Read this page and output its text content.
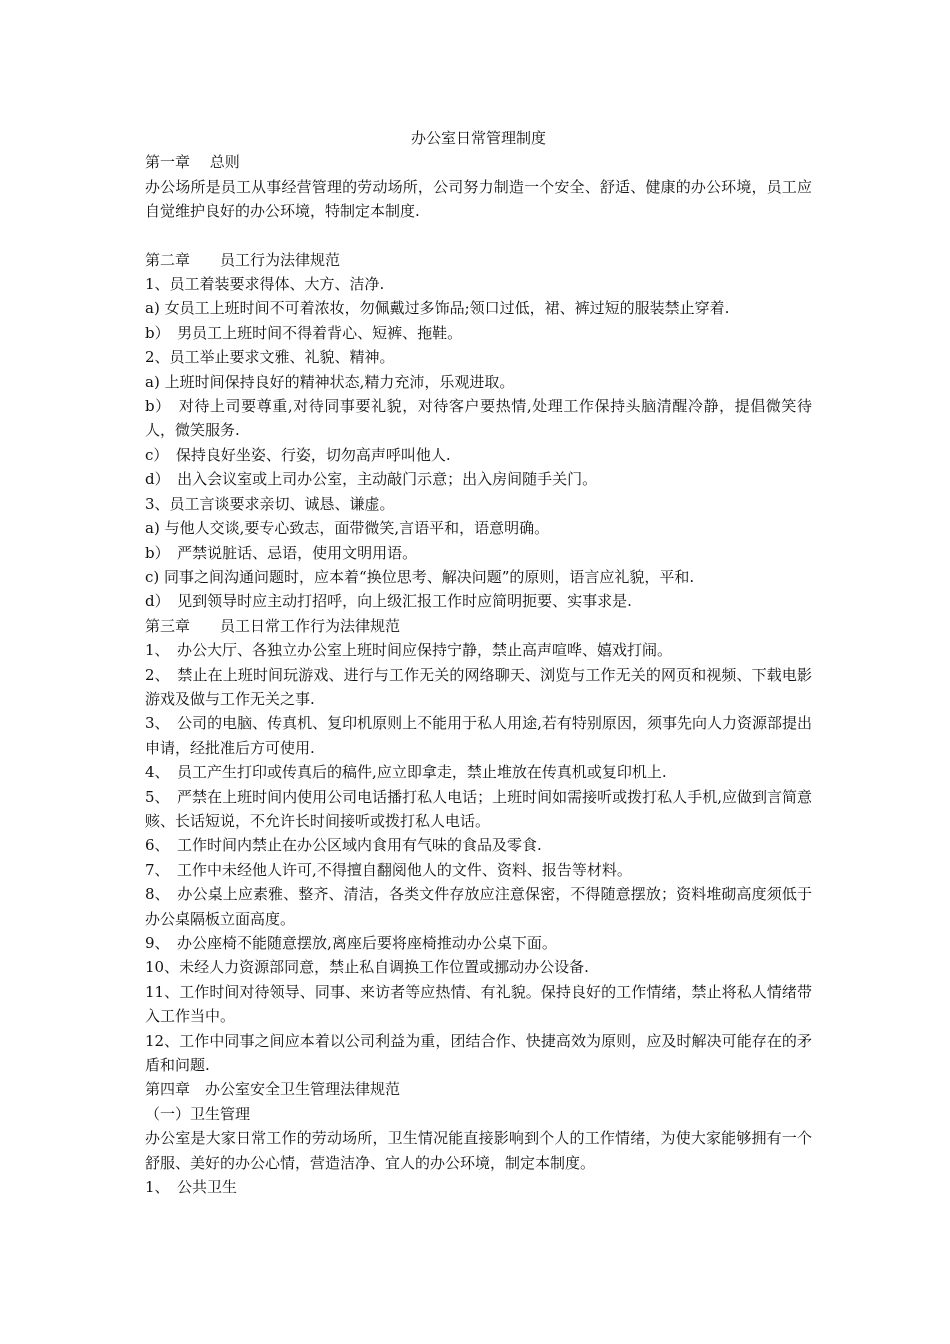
办公室日常管理制度

第一章　 总则

办公场所是员工从事经营管理的劳动场所，公司努力制造一个安全、舒适、健康的办公环境，员工应自觉维护良好的办公环境，特制定本制度.

第二章　　员工行为法律规范

1、员工着装要求得体、大方、洁净.

a) 女员工上班时间不可着浓妆，勿佩戴过多饰品;领口过低，裙、裤过短的服装禁止穿着.

b）　男员工上班时间不得着背心、短裤、拖鞋。

2、员工举止要求文雅、礼貌、精神。

a) 上班时间保持良好的精神状态,精力充沛，乐观进取。

b）　对待上司要尊重,对待同事要礼貌，对待客户要热情,处理工作保持头脑清醒冷静，提倡微笑待人，微笑服务.

c）　保持良好坐姿、行姿，切勿高声呼叫他人.

d）　出入会议室或上司办公室，主动敲门示意；出入房间随手关门。

3、员工言谈要求亲切、诚恳、谦虚。

a) 与他人交谈,要专心致志，面带微笑,言语平和，语意明确。

b）　严禁说脏话、忌语，使用文明用语。

c) 同事之间沟通问题时，应本着“换位思考、解决问题”的原则，语言应礼貌，平和.

d）　见到领导时应主动打招呼，向上级汇报工作时应简明扼要、实事求是.

第三章　　员工日常工作行为法律规范

1、　办公大厅、各独立办公室上班时间应保持宁静，禁止高声喧哗、嬉戏打闹。

2、　禁止在上班时间玩游戏、进行与工作无关的网络聊天、浏览与工作无关的网页和视频、下载电影游戏及做与工作无关之事.

3、　公司的电脑、传真机、复印机原则上不能用于私人用途,若有特别原因，须事先向人力资源部提出申请，经批准后方可使用.

4、　员工产生打印或传真后的稿件,应立即拿走，禁止堆放在传真机或复印机上.

5、　严禁在上班时间内使用公司电话播打私人电话；上班时间如需接听或拨打私人手机,应做到言简意赅、长话短说，不允许长时间接听或拨打私人电话。

6、　工作时间内禁止在办公区域内食用有气味的食品及零食.

7、　工作中未经他人许可,不得擅自翻阅他人的文件、资料、报告等材料。

8、　办公桌上应素雅、整齐、清洁，各类文件存放应注意保密，不得随意摆放；资料堆砌高度须低于办公桌隔板立面高度。

9、　办公座椅不能随意摆放,离座后要将座椅推动办公桌下面。

10、未经人力资源部同意，禁止私自调换工作位置或挪动办公设备.

11、工作时间对待领导、同事、来访者等应热情、有礼貌。保持良好的工作情绪，禁止将私人情绪带入工作当中。

12、工作中同事之间应本着以公司利益为重，团结合作、快捷高效为原则，应及时解决可能存在的矛盾和问题.

第四章　办公室安全卫生管理法律规范

（一）卫生管理

办公室是大家日常工作的劳动场所，卫生情况能直接影响到个人的工作情绪，为使大家能够拥有一个舒服、美好的办公心情，营造洁净、宜人的办公环境，制定本制度。

1、　公共卫生
